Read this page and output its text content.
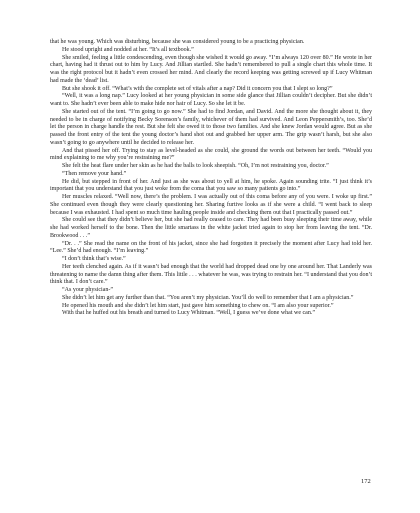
that he was young. Which was disturbing, because she was considered young to be a practicing physician.

He stood upright and nodded at her. “It’s all textbook.”

She smiled, feeling a little condescending, even though she wished it would go away. “I’m always 120 over 80.” He wrote in her chart, having had it thrust out to him by Lucy. And Jillian startled. She hadn’t remembered to pull a single chart this whole time. It was the right protocol but it hadn’t even crossed her mind. And clearly the record keeping was getting screwed up if Lucy Whitman had made the ‘dead’ list.

But she shook it off. “What’s with the complete set of vitals after a nap? Did it concern you that I slept so long?”

“Well, it was a long nap.” Lucy looked at her young physician in some side glance that Jillian couldn’t decipher. But she didn’t want to. She hadn’t ever been able to make hide nor hair of Lucy. So she let it be.

She started out of the tent. “I’m going to go now.” She had to find Jordan, and David. And the more she thought about it, they needed to be in charge of notifying Becky Sorenson’s family, whichever of them had survived. And Leon Peppersmith’s, too. She’d let the person in charge handle the rest. But she felt she owed it to those two families. And she knew Jordan would agree. But as she passed the front entry of the tent the young doctor’s hand shot out and grabbed her upper arm. The grip wasn’t harsh, but she also wasn’t going to go anywhere until he decided to release her.

And that pissed her off. Trying to stay as level-headed as she could, she ground the words out between her teeth. “Would you mind explaining to me why you’re restraining me?”

She felt the heat flare under her skin as he had the balls to look sheepish. “Oh, I’m not restraining you, doctor.”

“Then remove your hand.”

He did, but stepped in front of her. And just as she was about to yell at him, he spoke. Again sounding trite. “I just think it’s important that you understand that you just woke from the coma that you saw so many patients go into.”

Her muscles relaxed. “Well now, there’s the problem. I was actually out of this coma before any of you were. I woke up first.” She continued even though they were clearly questioning her. Sharing furtive looks as if she were a child. “I went back to sleep because I was exhausted. I had spent so much time hauling people inside and checking them out that I practically passed out.”

She could see that they didn’t believe her, but she had really ceased to care. They had been busy sleeping their time away, while she had worked herself to the bone. Then the little smartass in the white jacket tried again to stop her from leaving the tent. “Dr. Brookwood . . .”

“Dr. . .” She read the name on the front of his jacket, since she had forgotten it precisely the moment after Lucy had told her. “Lee.” She’d had enough. “I’m leaving.”

“I don’t think that’s wise.”

Her teeth clenched again. As if it wasn’t bad enough that the world had dropped dead one by one around her. That Landerly was threatening to name the damn thing after them. This little . . . whatever he was, was trying to restrain her. “I understand that you don’t think that. I don’t care.”

“As your physician-”

She didn’t let him get any further than that. “You aren’t my physician. You’ll do well to remember that I am a physician.”

He opened his mouth and she didn’t let him start, just gave him something to chew on. “I am also your superior.”

With that he huffed out his breath and turned to Lucy Whitman. “Well, I guess we’ve done what we can.”

172
